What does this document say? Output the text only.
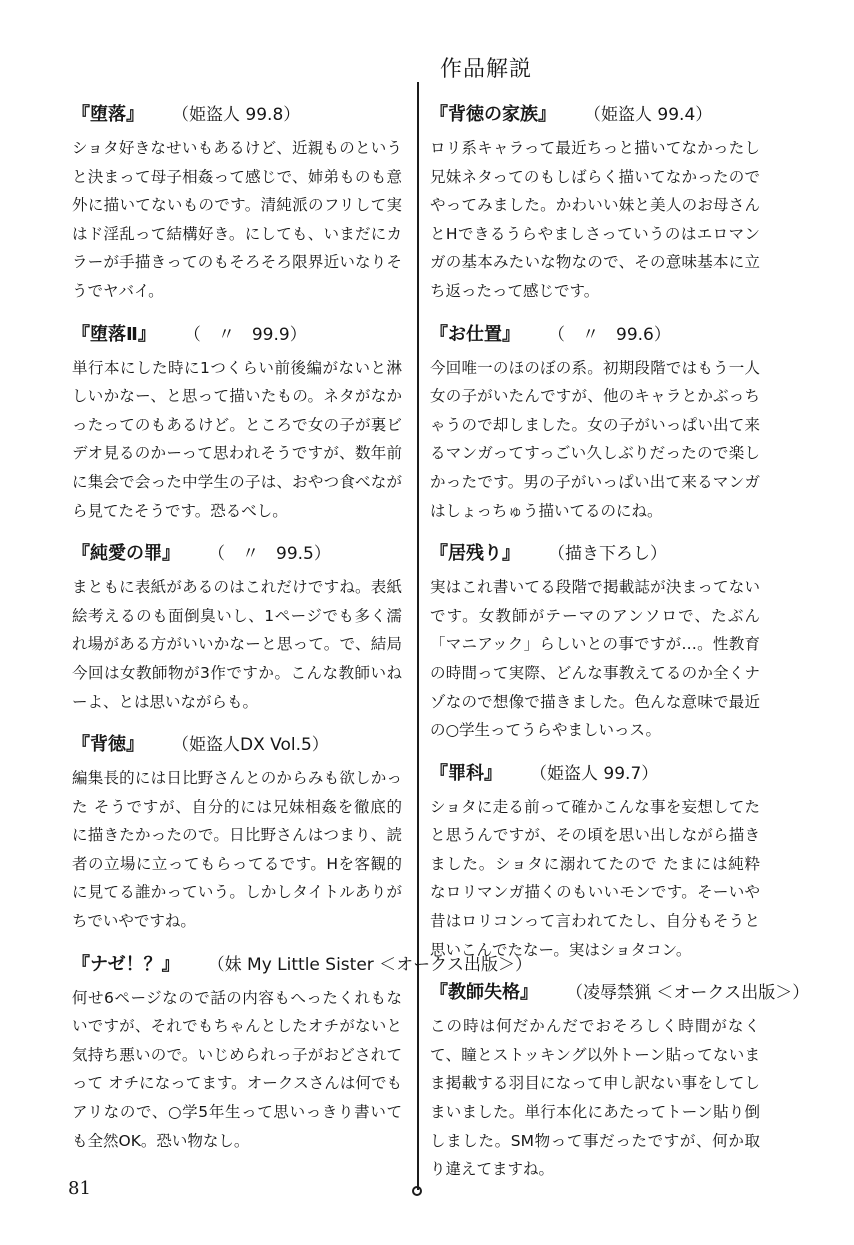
作品解説
『堕落』 （姫盗人 99.8）
ショタ好きなせいもあるけど、近親ものというと決まって母子相姦って感じで、姉弟ものも意外に描いてないものです。清純派のフリして実はド淫乱って結構好き。にしても、いまだにカラーが手描きってのもそろそろ限界近いなりそうでヤバイ。
『堕落Ⅱ』 （　〃　99.9）
単行本にした時に1つくらい前後編がないと淋しいかなー、と思って描いたもの。ネタがなかったってのもあるけど。ところで女の子が裏ビデオ見るのかーって思われそうですが、数年前に集会で会った中学生の子は、おやつ食べながら見てたそうです。恐るべし。
『純愛の罪』 （　〃　99.5）
まともに表紙があるのはこれだけですね。表紙絵考えるのも面倒臭いし、1ページでも多く濡れ場がある方がいいかなーと思って。で、結局今回は女教師物が3作ですか。こんな教師いねーよ、とは思いながらも。
『背徳』 （姫盗人DX Vol.5）
編集長的には日比野さんとのからみも欲しかった そうですが、自分的には兄妹相姦を徹底的に描きたかったので。日比野さんはつまり、読者の立場に立ってもらってるです。Hを客観的に見てる誰かっていう。しかしタイトルありがちでいやですね。
『ナゼ！？』 （妹 My Little Sister ＜オークス出版＞）
何せ6ページなので話の内容もへったくれもないですが、それでもちゃんとしたオチがないと気持ち悪いので。いじめられっ子がおどされてって オチになってます。オークスさんは何でもアリなので、○学5年生って思いっきり書いても全然OK。恐い物なし。
『背徳の家族』 （姫盗人 99.4）
ロリ系キャラって最近ちっと描いてなかったし兄妹ネタってのもしばらく描いてなかったのでやってみました。かわいい妹と美人のお母さんとHできるうらやましさっていうのはエロマンガの基本みたいな物なので、その意味基本に立ち返ったって感じです。
『お仕置』 （　〃　99.6）
今回唯一のほのぼの系。初期段階ではもう一人女の子がいたんですが、他のキャラとかぶっちゃうので却しました。女の子がいっぱい出て来るマンガってすっごい久しぶりだったので楽しかったです。男の子がいっぱい出て来るマンガはしょっちゅう描いてるのにね。
『居残り』 （描き下ろし）
実はこれ書いてる段階で掲載誌が決まってないです。女教師がテーマのアンソロで、たぶん「マニアック」らしいとの事ですが…。性教育の時間って実際、どんな事教えてるのか全くナゾなので想像で描きました。色んな意味で最近の○学生ってうらやましいっス。
『罪科』 （姫盗人 99.7）
ショタに走る前って確かこんな事を妄想してたと思うんですが、その頃を思い出しながら描きました。ショタに溺れてたので たまには純粋なロリマンガ描くのもいいモンです。そーいや昔はロリコンって言われてたし、自分もそうと思いこんでたなー。実はショタコン。
『教師失格』 （凌辱禁猟 ＜オークス出版＞）
この時は何だかんだでおそろしく時間がなくて、瞳とストッキング以外トーン貼ってないまま掲載する羽目になって申し訳ない事をしてしまいました。単行本化にあたってトーン貼り倒しました。SM物って事だったですが、何か取り違えてますね。
81
